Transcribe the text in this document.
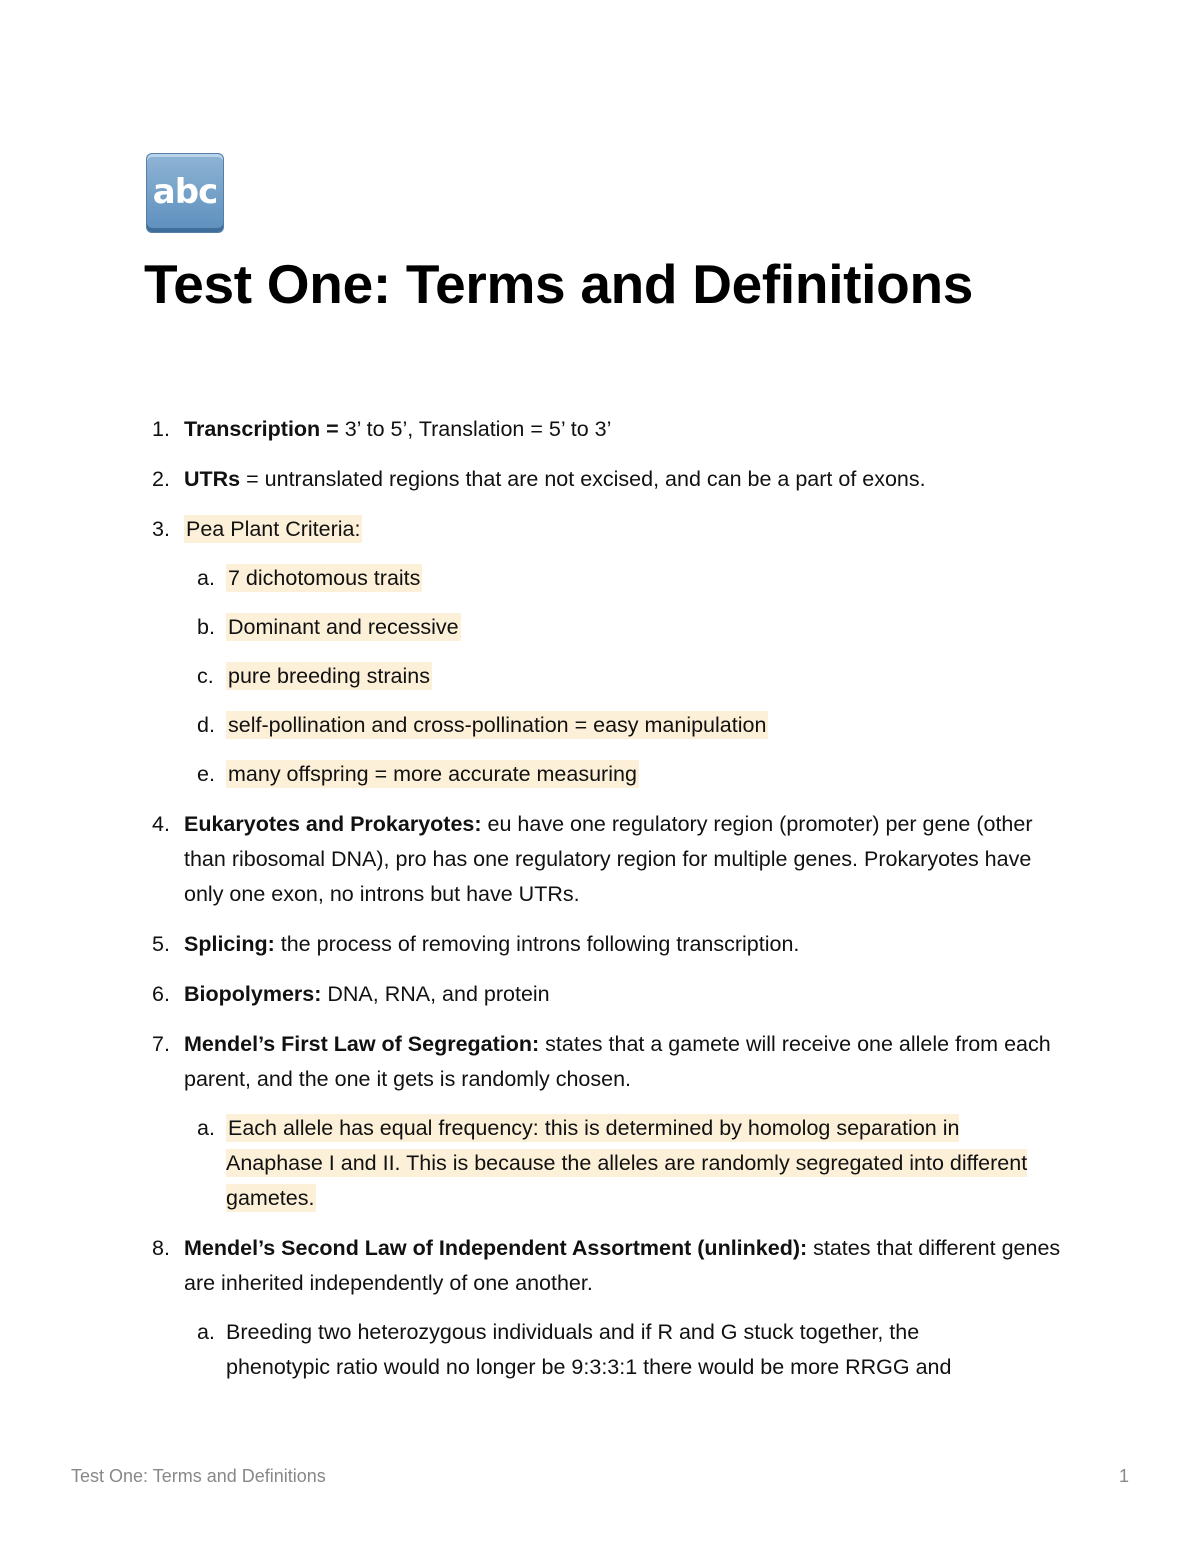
abc
Test One: Terms and Definitions
1. Transcription = 3’ to 5’, Translation = 5’ to 3’
2. UTRs = untranslated regions that are not excised, and can be a part of exons.
3. Pea Plant Criteria:
a. 7 dichotomous traits
b. Dominant and recessive
c. pure breeding strains
d. self-pollination and cross-pollination = easy manipulation
e. many offspring = more accurate measuring
4. Eukaryotes and Prokaryotes: eu have one regulatory region (promoter) per gene (other than ribosomal DNA), pro has one regulatory region for multiple genes. Prokaryotes have only one exon, no introns but have UTRs.
5. Splicing: the process of removing introns following transcription.
6. Biopolymers: DNA, RNA, and protein
7. Mendel’s First Law of Segregation: states that a gamete will receive one allele from each parent, and the one it gets is randomly chosen.
a. Each allele has equal frequency: this is determined by homolog separation in Anaphase I and II. This is because the alleles are randomly segregated into different gametes.
8. Mendel’s Second Law of Independent Assortment (unlinked): states that different genes are inherited independently of one another.
a. Breeding two heterozygous individuals and if R and G stuck together, the phenotypic ratio would no longer be 9:3:3:1 there would be more RRGG and
Test One: Terms and Definitions	1
